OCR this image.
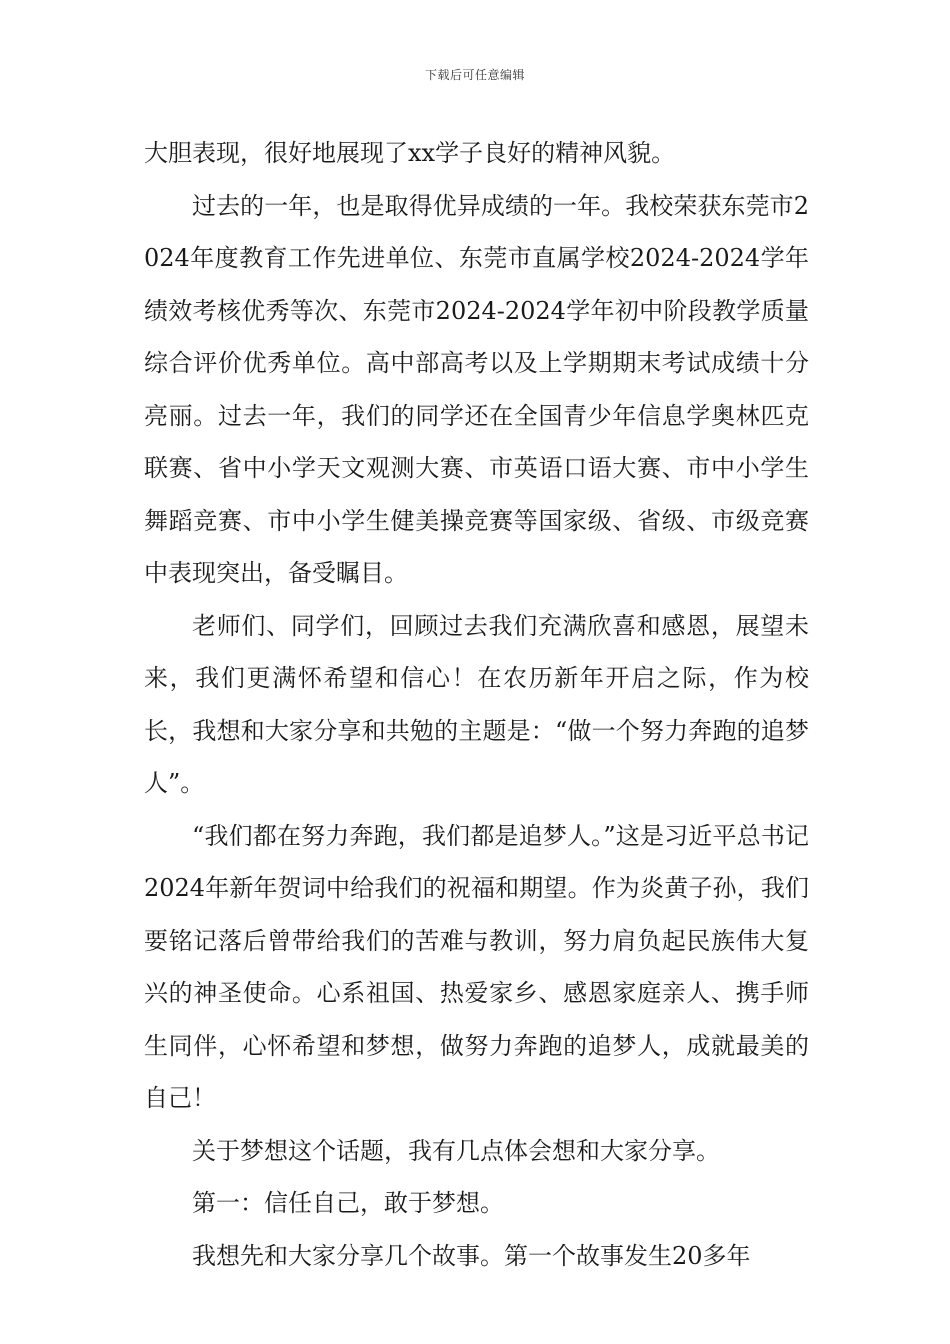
下载后可任意编辑

大胆表现，很好地展现了xx学子良好的精神风貌。

过去的一年，也是取得优异成绩的一年。我校荣获东莞市2024年度教育工作先进单位、东莞市直属学校2024-2024学年绩效考核优秀等次、东莞市2024-2024学年初中阶段教学质量综合评价优秀单位。高中部高考以及上学期期末考试成绩十分亮丽。过去一年，我们的同学还在全国青少年信息学奥林匹克联赛、省中小学天文观测大赛、市英语口语大赛、市中小学生舞蹈竞赛、市中小学生健美操竞赛等国家级、省级、市级竞赛中表现突出，备受瞩目。

老师们、同学们，回顾过去我们充满欣喜和感恩，展望未来，我们更满怀希望和信心！在农历新年开启之际，作为校长，我想和大家分享和共勉的主题是：“做一个努力奔跑的追梦人”。

“我们都在努力奔跑，我们都是追梦人。”这是习近平总书记2024年新年贺词中给我们的祝福和期望。作为炎黄子孙，我们要铭记落后曾带给我们的苦难与教训，努力肩负起民族伟大复兴的神圣使命。心系祖国、热爱家乡、感恩家庭亲人、携手师生同伴，心怀希望和梦想，做努力奔跑的追梦人，成就最美的自己！

关于梦想这个话题，我有几点体会想和大家分享。

第一：信任自己，敢于梦想。

我想先和大家分享几个故事。第一个故事发生20多年
